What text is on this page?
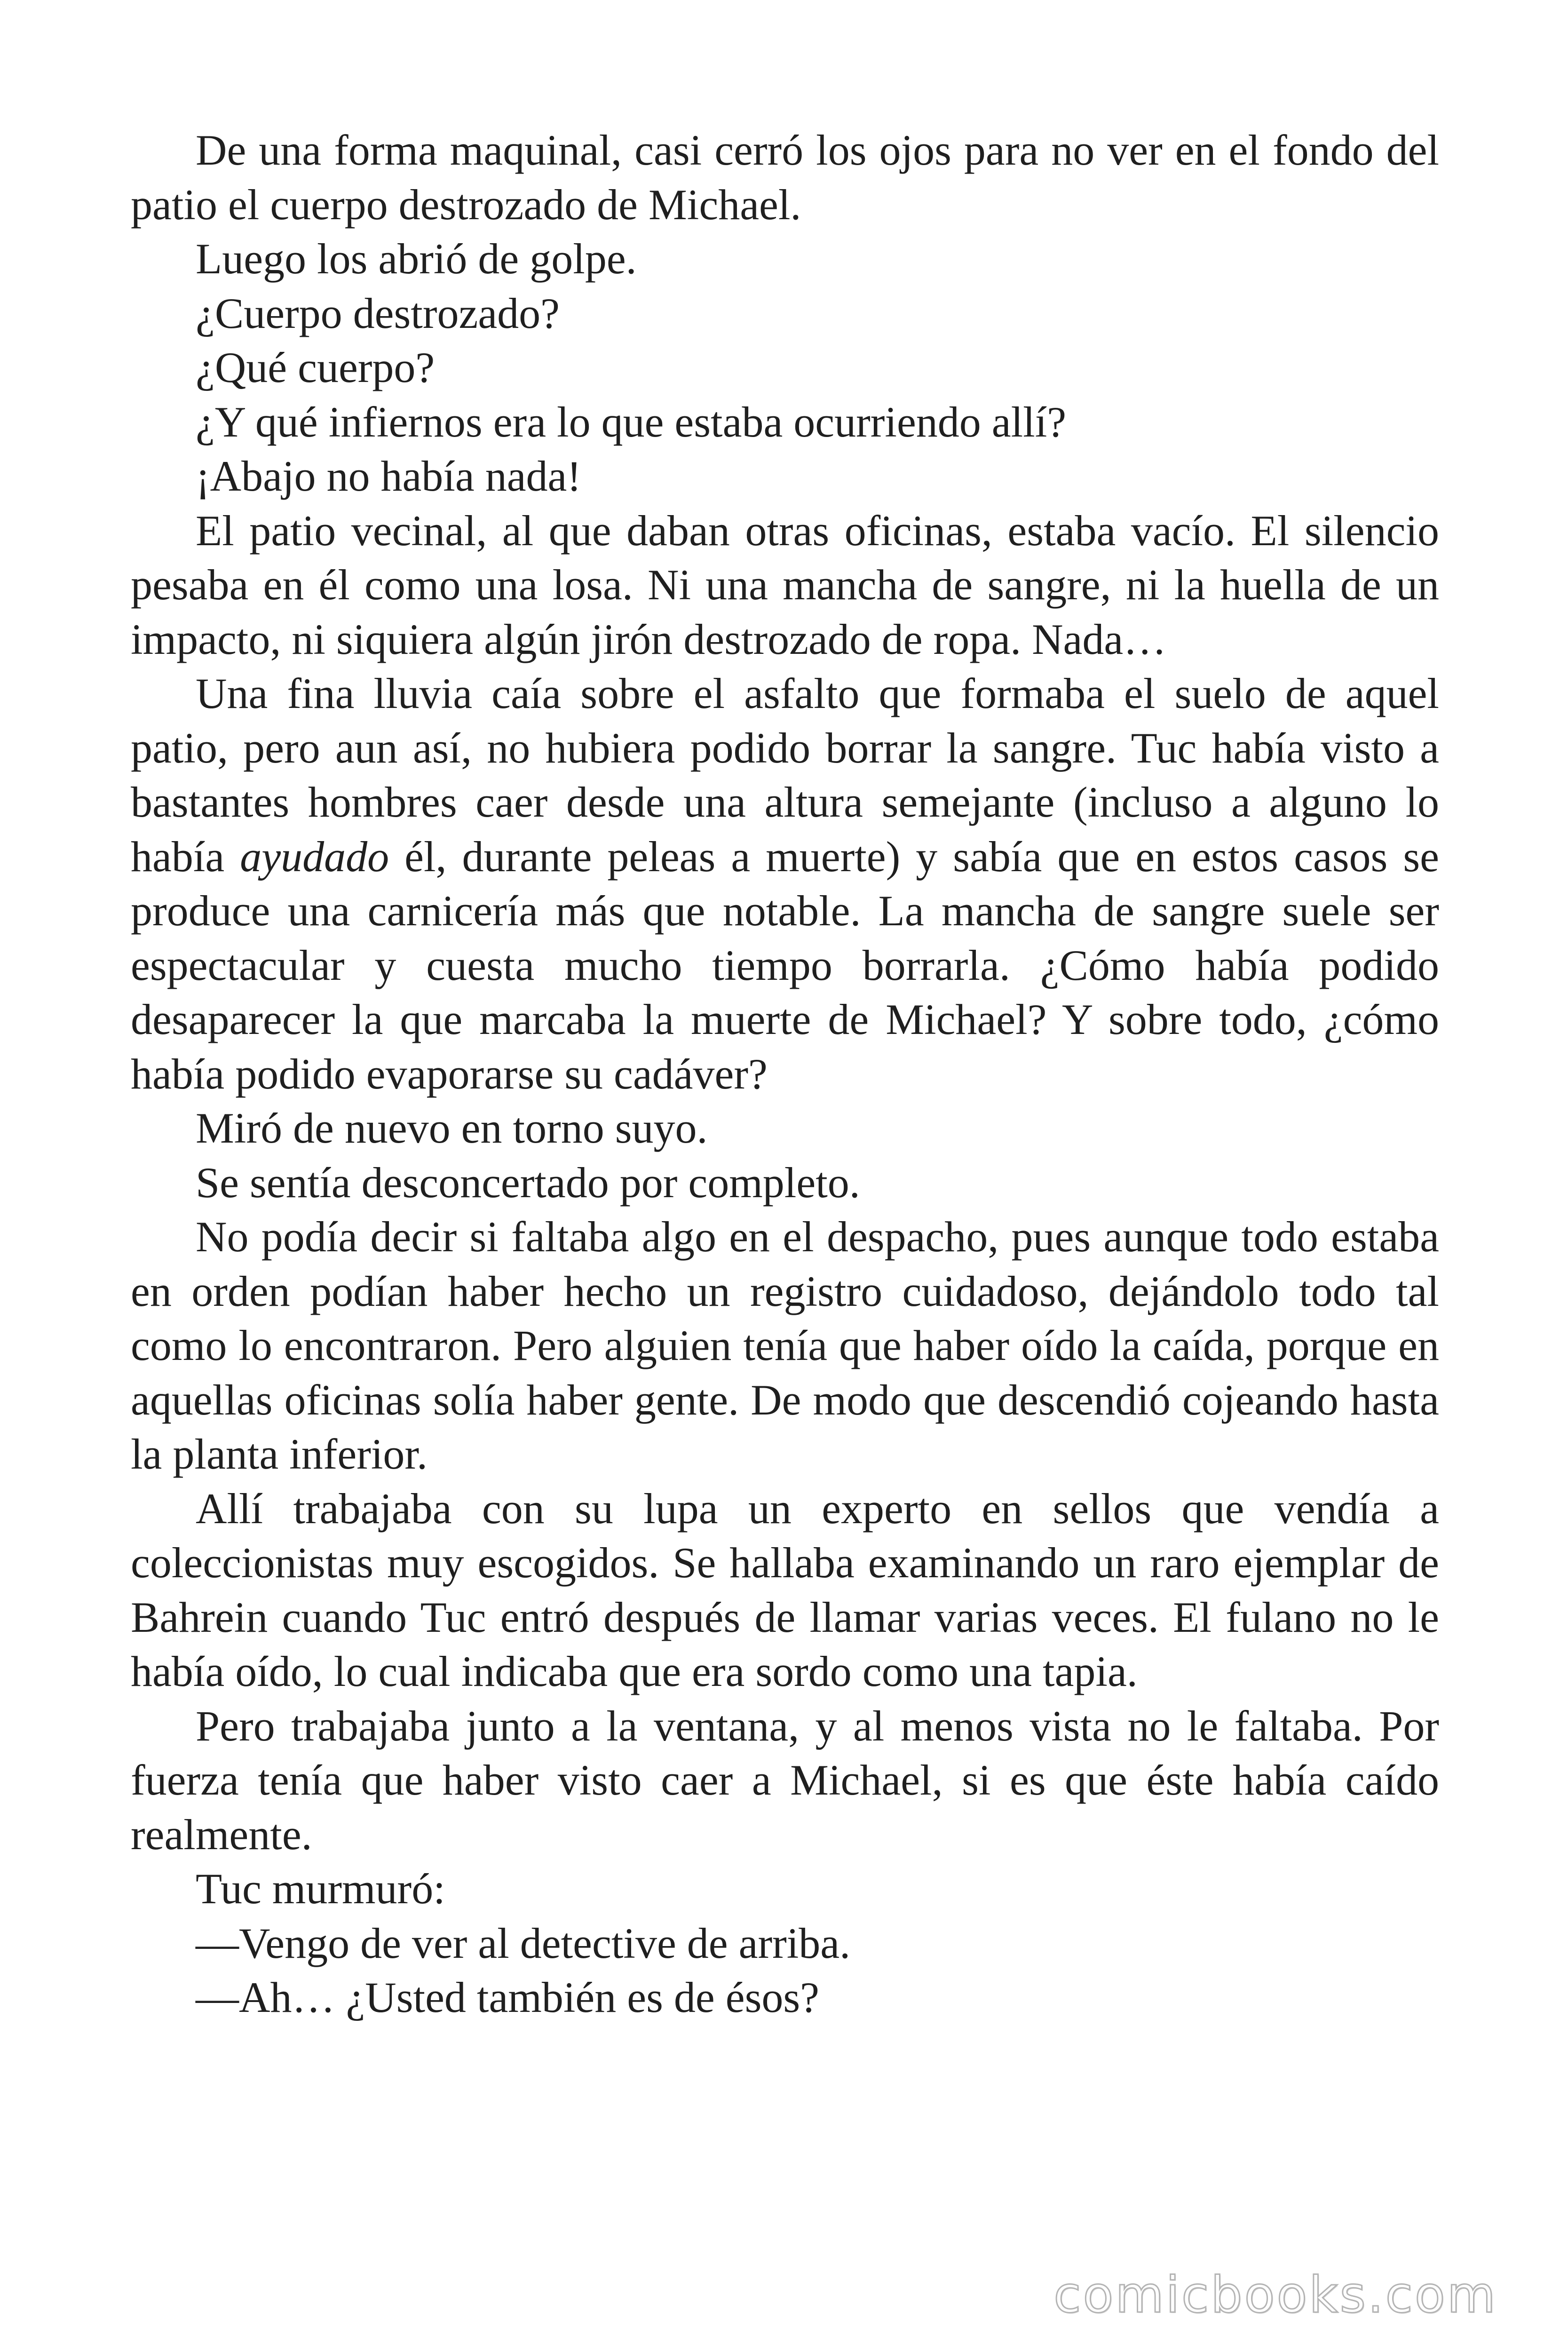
De una forma maquinal, casi cerró los ojos para no ver en el fondo del patio el cuerpo destrozado de Michael.

Luego los abrió de golpe.

¿Cuerpo destrozado?

¿Qué cuerpo?

¿Y qué infiernos era lo que estaba ocurriendo allí?

¡Abajo no había nada!

El patio vecinal, al que daban otras oficinas, estaba vacío. El silencio pesaba en él como una losa. Ni una mancha de sangre, ni la huella de un impacto, ni siquiera algún jirón destrozado de ropa. Nada…

Una fina lluvia caía sobre el asfalto que formaba el suelo de aquel patio, pero aun así, no hubiera podido borrar la sangre. Tuc había visto a bastantes hombres caer desde una altura semejante (incluso a alguno lo había ayudado él, durante peleas a muerte) y sabía que en estos casos se produce una carnicería más que notable. La mancha de sangre suele ser espectacular y cuesta mucho tiempo borrarla. ¿Cómo había podido desaparecer la que marcaba la muerte de Michael? Y sobre todo, ¿cómo había podido evaporarse su cadáver?

Miró de nuevo en torno suyo.

Se sentía desconcertado por completo.

No podía decir si faltaba algo en el despacho, pues aunque todo estaba en orden podían haber hecho un registro cuidadoso, dejándolo todo tal como lo encontraron. Pero alguien tenía que haber oído la caída, porque en aquellas oficinas solía haber gente. De modo que descendió cojeando hasta la planta inferior.

Allí trabajaba con su lupa un experto en sellos que vendía a coleccionistas muy escogidos. Se hallaba examinando un raro ejemplar de Bahrein cuando Tuc entró después de llamar varias veces. El fulano no le había oído, lo cual indicaba que era sordo como una tapia.

Pero trabajaba junto a la ventana, y al menos vista no le faltaba. Por fuerza tenía que haber visto caer a Michael, si es que éste había caído realmente.

Tuc murmuró:

—Vengo de ver al detective de arriba.

—Ah… ¿Usted también es de ésos?

comicbooks.com
